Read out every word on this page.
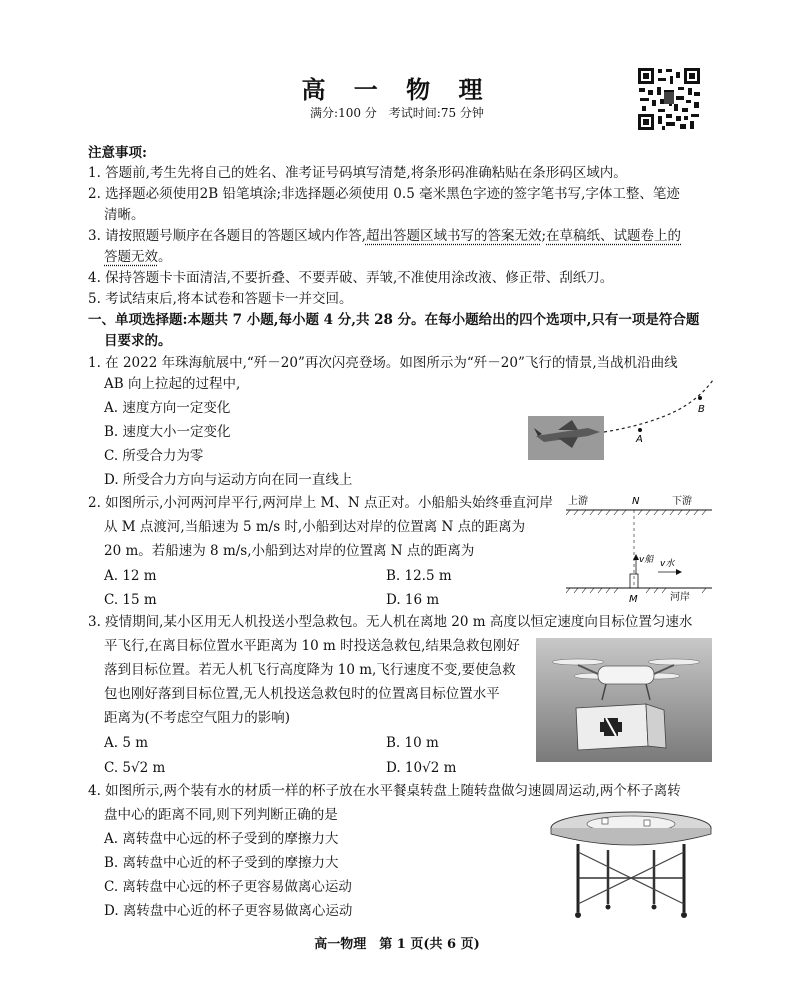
高 一 物 理
满分:100 分　考试时间:75 分钟
注意事项:
1. 答题前,考生先将自己的姓名、准考证号码填写清楚,将条形码准确粘贴在条形码区域内。
2. 选择题必须使用2B 铅笔填涂;非选择题必须使用 0.5 毫米黑色字迹的签字笔书写,字体工整、笔迹
清晰。
3. 请按照题号顺序在各题目的答题区域内作答,超出答题区域书写的答案无效;在草稿纸、试题卷上的
答题无效。
4. 保持答题卡卡面清洁,不要折叠、不要弄破、弄皱,不准使用涂改液、修正带、刮纸刀。
5. 考试结束后,将本试卷和答题卡一并交回。
一、单项选择题:本题共 7 小题,每小题 4 分,共 28 分。在每小题给出的四个选项中,只有一项是符合题
目要求的。
1. 在 2022 年珠海航展中,“歼－20”再次闪亮登场。如图所示为“歼－20”飞行的情景,当战机沿曲线
AB 向上拉起的过程中,
A. 速度方向一定变化
B. 速度大小一定变化
C. 所受合力为零
D. 所受合力方向与运动方向在同一直线上
A
B
2. 如图所示,小河两河岸平行,两河岸上 M、N 点正对。小船船头始终垂直河岸
从 M 点渡河,当船速为 5 m/s 时,小船到达对岸的位置离 N 点的距离为
20 m。若船速为 8 m/s,小船到达对岸的位置离 N 点的距离为
A. 12 m	B. 12.5 m
C. 15 m	D. 16 m
上游	N	下游
v船 v水
M	河岸
3. 疫情期间,某小区用无人机投送小型急救包。无人机在离地 20 m 高度以恒定速度向目标位置匀速水
平飞行,在离目标位置水平距离为 10 m 时投送急救包,结果急救包刚好
落到目标位置。若无人机飞行高度降为 10 m,飞行速度不变,要使急救
包也刚好落到目标位置,无人机投送急救包时的位置离目标位置水平
距离为(不考虑空气阻力的影响)
A. 5 m	B. 10 m
C. 5√2 m	D. 10√2 m
4. 如图所示,两个装有水的材质一样的杯子放在水平餐桌转盘上随转盘做匀速圆周运动,两个杯子离转
盘中心的距离不同,则下列判断正确的是
A. 离转盘中心远的杯子受到的摩擦力大
B. 离转盘中心近的杯子受到的摩擦力大
C. 离转盘中心远的杯子更容易做离心运动
D. 离转盘中心近的杯子更容易做离心运动
高一物理　第 1 页(共 6 页)
